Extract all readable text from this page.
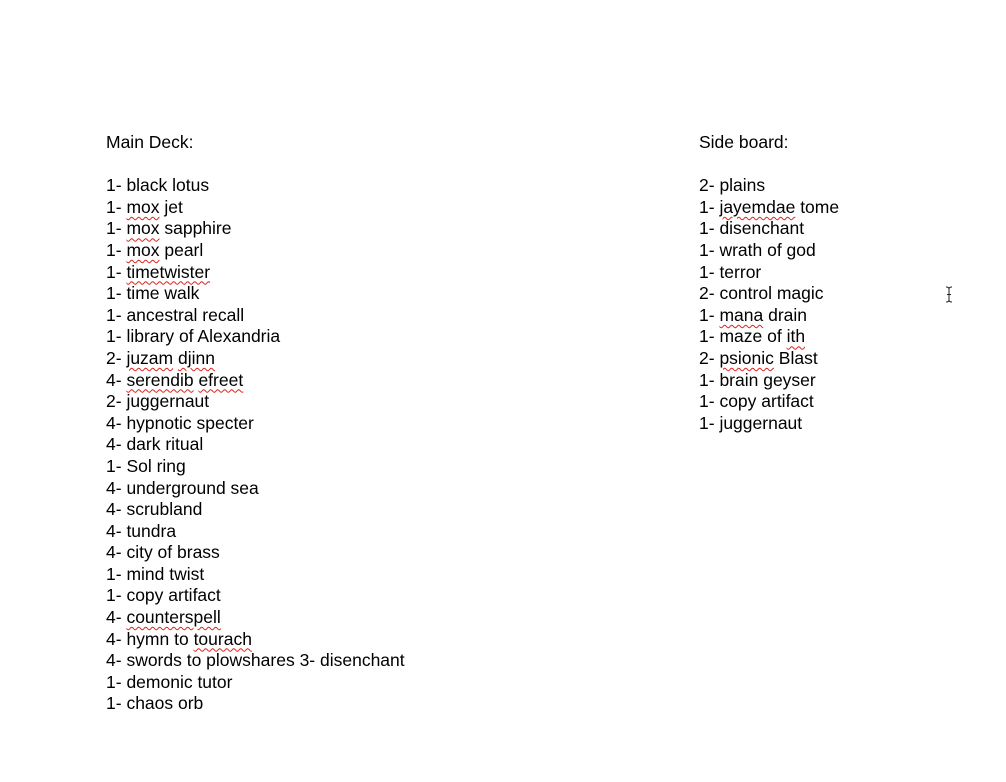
Main Deck:
1- black lotus
1- mox jet
1- mox sapphire
1- mox pearl
1- timetwister
1- time walk
1- ancestral recall
1- library of Alexandria
2- juzam djinn
4- serendib efreet
2- juggernaut
4- hypnotic specter
4- dark ritual
1- Sol ring
4- underground sea
4- scrubland
4- tundra
4- city of brass
1- mind twist
1- copy artifact
4- counterspell
4- hymn to tourach
4- swords to plowshares 3- disenchant
1- demonic tutor
1- chaos orb
Side board:
2- plains
1- jayemdae tome
1- disenchant
1- wrath of god
1- terror
2- control magic
1- mana drain
1- maze of ith
2- psionic Blast
1- brain geyser
1- copy artifact
1- juggernaut
